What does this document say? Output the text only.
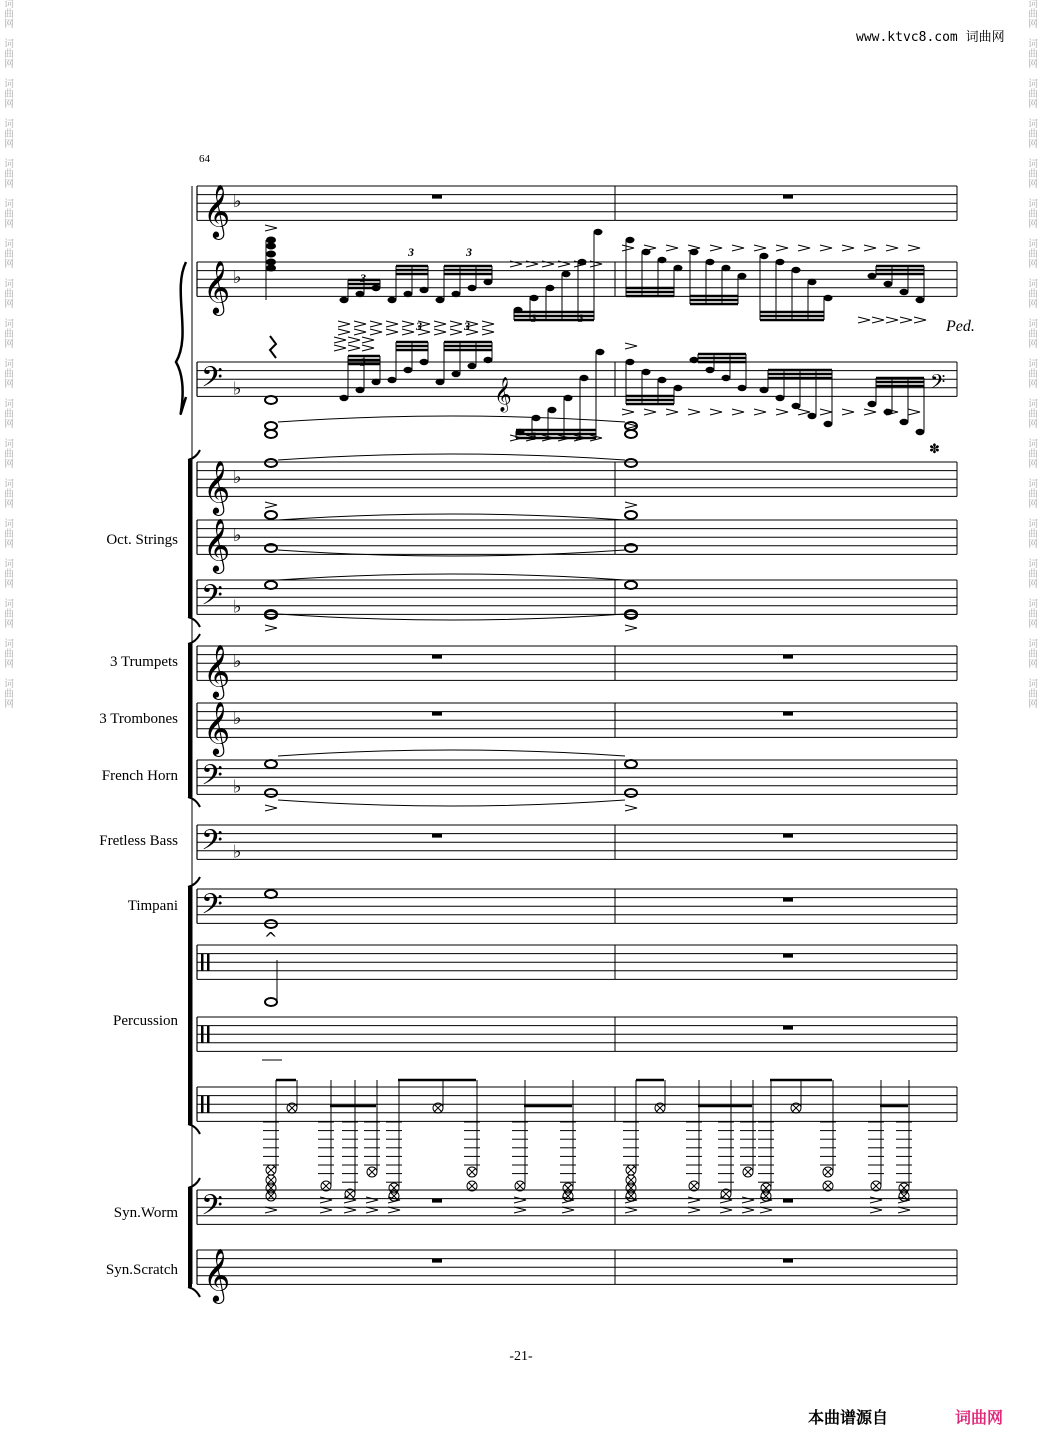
词
曲
网
词
曲
网
词
曲
网
词
曲
网
词
曲
网
词
曲
网
词
曲
网
词
曲
网
词
曲
网
词
曲
网
词
曲
网
词
曲
网
词
曲
网
词
曲
网
词
曲
网
词
曲
网
词
曲
网
词
曲
网
词
曲
网
词
曲
网
词
曲
网
词
曲
网
词
曲
网
词
曲
网
词
曲
网
词
曲
网
词
曲
网
词
曲
网
词
曲
网
词
曲
网
词
曲
网
词
曲
网
词
曲
网
词
曲
网
词
曲
网
词
曲
网
www.ktvc8.com 词曲网
64
Oct. Strings
3 Trumpets
3 Trombones
French Horn
Fretless Bass
Timpani
Percussion
Syn.Worm
Syn.Scratch
𝄞 ♭
𝄞 ♭
𝄢 ♭
𝄞 ♭
𝄞 ♭
𝄢 ♭
𝄞 ♭
𝄞 ♭
𝄢 ♭
𝄢 ♭
𝄢
𝄢
𝄞
𝄞	𝄢
^
Ped.
✽
3
3	3
3	3
3
3	3
3	3
-21-
本曲谱源自	词曲网
